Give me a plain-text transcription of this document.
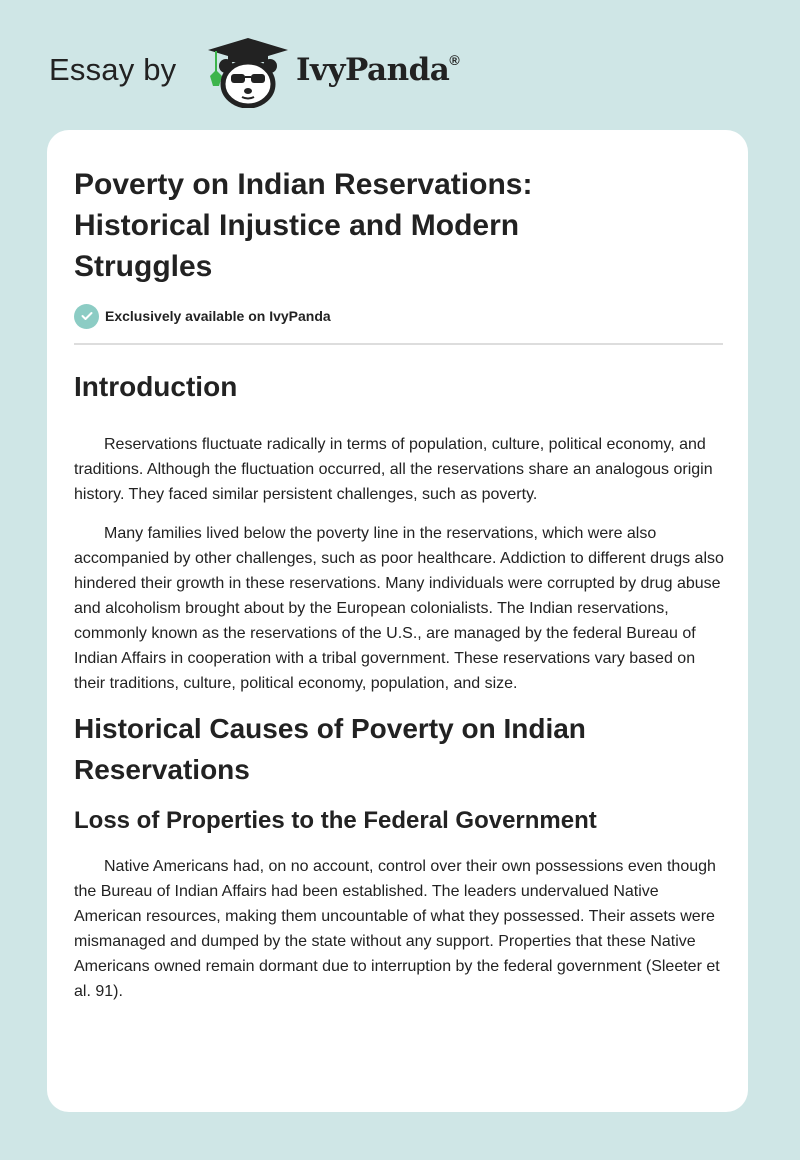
Essay by	IvyPanda®
Poverty on Indian Reservations: Historical Injustice and Modern Struggles
Exclusively available on IvyPanda
Introduction

Reservations fluctuate radically in terms of population, culture, political economy, and traditions. Although the fluctuation occurred, all the reservations share an analogous origin history. They faced similar persistent challenges, such as poverty.

Many families lived below the poverty line in the reservations, which were also accompanied by other challenges, such as poor healthcare. Addiction to different drugs also hindered their growth in these reservations. Many individuals were corrupted by drug abuse and alcoholism brought about by the European colonialists. The Indian reservations, commonly known as the reservations of the U.S., are managed by the federal Bureau of Indian Affairs in cooperation with a tribal government. These reservations vary based on their traditions, culture, political economy, population, and size.

Historical Causes of Poverty on Indian Reservations
Loss of Properties to the Federal Government

Native Americans had, on no account, control over their own possessions even though the Bureau of Indian Affairs had been established. The leaders undervalued Native American resources, making them uncountable of what they possessed. Their assets were mismanaged and dumped by the state without any support. Properties that these Native Americans owned remain dormant due to interruption by the federal government (Sleeter et al. 91).
